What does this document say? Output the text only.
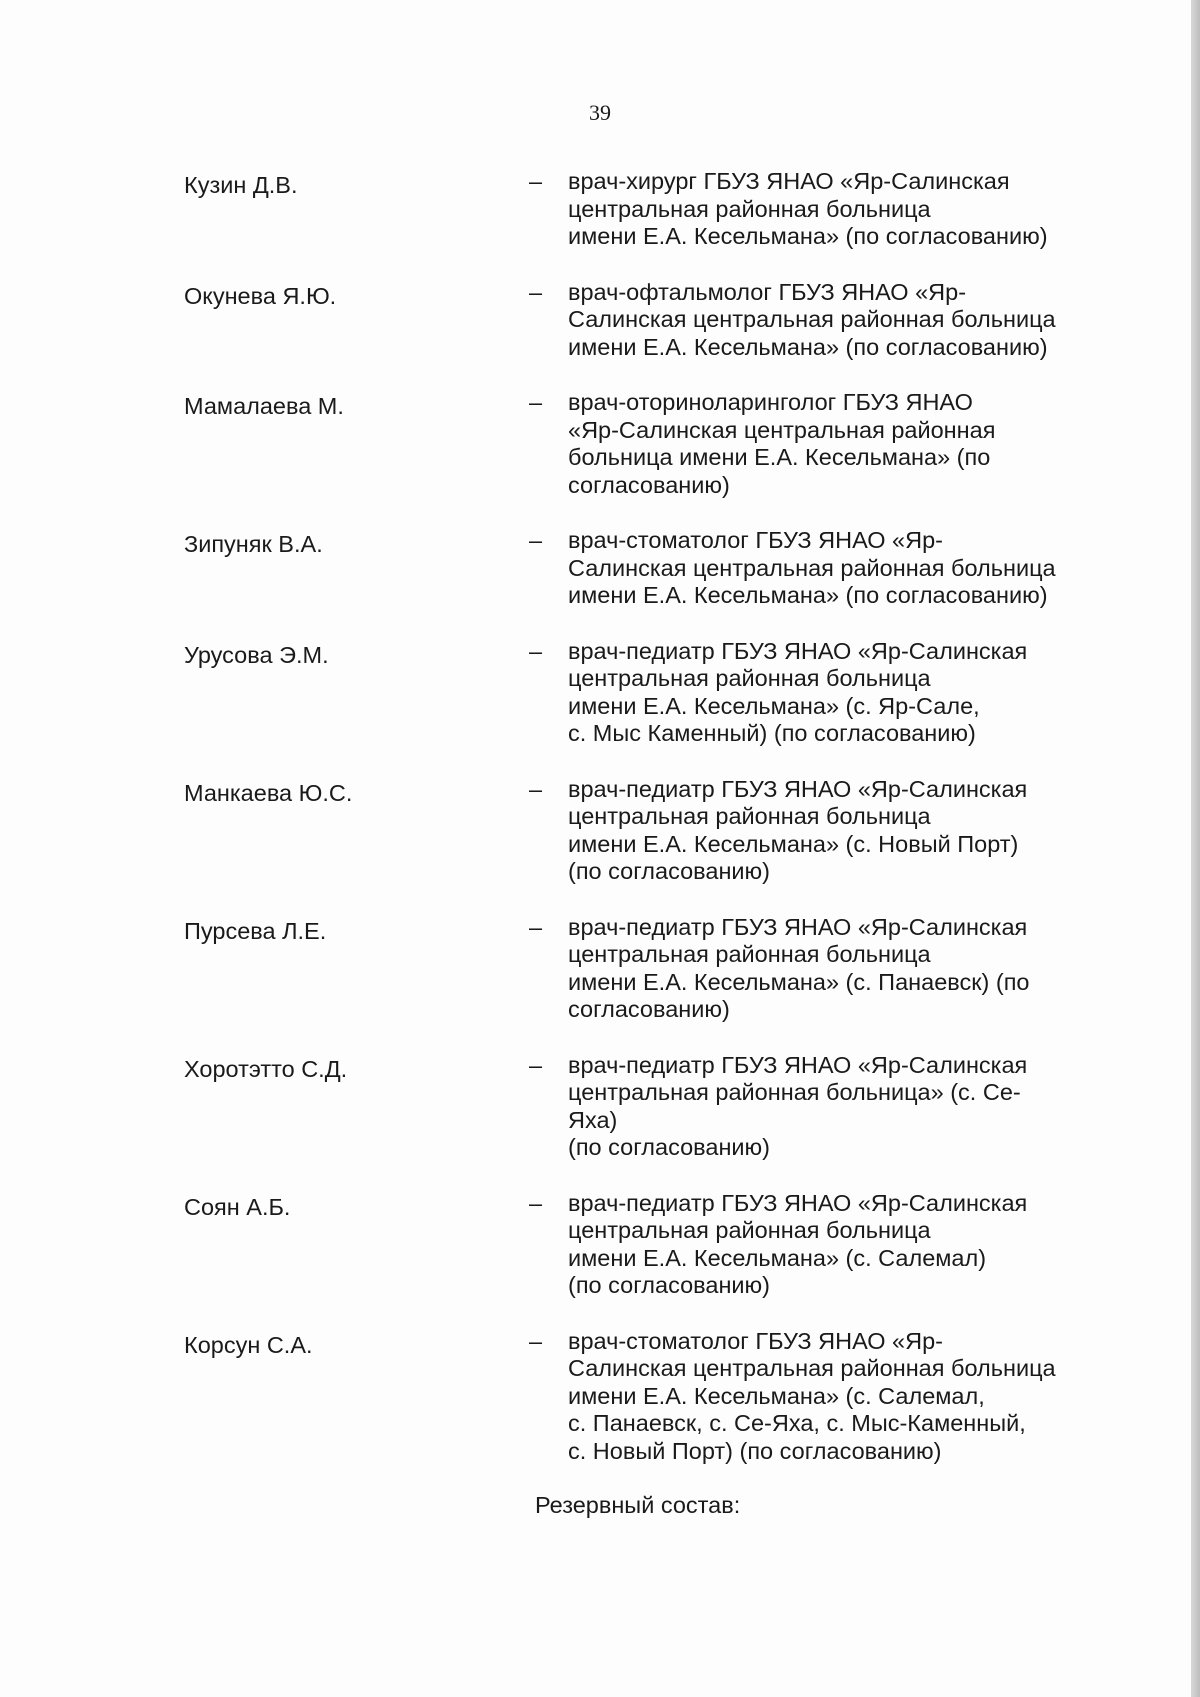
39
Кузин Д.В.	– врач-хирург ГБУЗ ЯНАО «Яр-Салинская
центральная районная больница
имени Е.А. Кесельмана» (по согласованию)
Окунева Я.Ю.	– врач-офтальмолог ГБУЗ ЯНАО «Яр-
Салинская центральная районная больница
имени Е.А. Кесельмана» (по согласованию)
Мамалаева М.	– врач-оториноларинголог ГБУЗ ЯНАО
«Яр-Салинская центральная районная
больница имени Е.А. Кесельмана» (по
согласованию)
Зипуняк В.А.	– врач-стоматолог ГБУЗ ЯНАО «Яр-
Салинская центральная районная больница
имени Е.А. Кесельмана» (по согласованию)
Урусова Э.М.	– врач-педиатр ГБУЗ ЯНАО «Яр-Салинская
центральная районная больница
имени Е.А. Кесельмана» (с. Яр-Сале,
с. Мыс Каменный) (по согласованию)
Манкаева Ю.С.	– врач-педиатр ГБУЗ ЯНАО «Яр-Салинская
центральная районная больница
имени Е.А. Кесельмана» (с. Новый Порт)
(по согласованию)
Пурсева Л.Е.	– врач-педиатр ГБУЗ ЯНАО «Яр-Салинская
центральная районная больница
имени Е.А. Кесельмана» (с. Панаевск) (по
согласованию)
Хоротэтто С.Д.	– врач-педиатр ГБУЗ ЯНАО «Яр-Салинская
центральная районная больница» (с. Се-
Яха)
(по согласованию)
Соян А.Б.	– врач-педиатр ГБУЗ ЯНАО «Яр-Салинская
центральная районная больница
имени Е.А. Кесельмана» (с. Салемал)
(по согласованию)
Корсун С.А.	– врач-стоматолог ГБУЗ ЯНАО «Яр-
Салинская центральная районная больница
имени Е.А. Кесельмана» (с. Салемал,
с. Панаевск, с. Се-Яха, с. Мыс-Каменный,
с. Новый Порт) (по согласованию)
Резервный состав:
